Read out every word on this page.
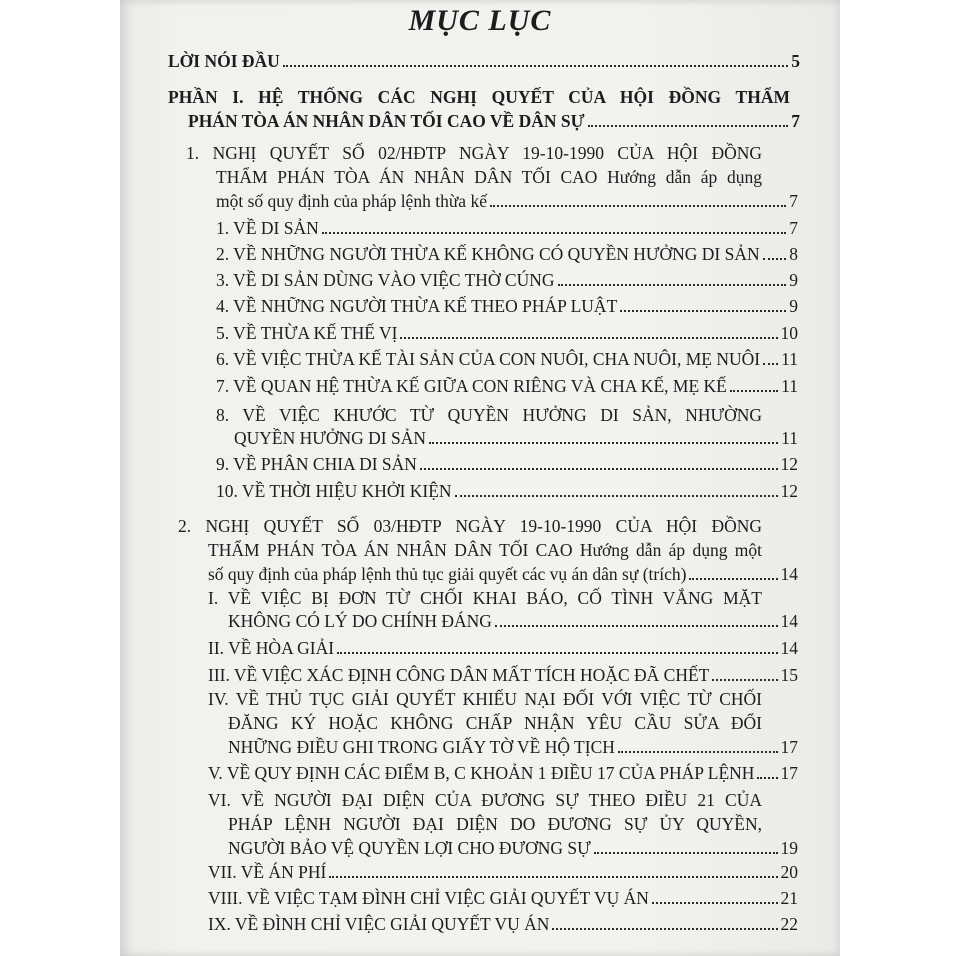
MỤC LỤC
LỜI NÓI ĐẦU	5
PHẦN I. HỆ THỐNG CÁC NGHỊ QUYẾT CỦA HỘI ĐỒNG THẨM
PHÁN TÒA ÁN NHÂN DÂN TỐI CAO VỀ DÂN SỰ	7
1. NGHỊ QUYẾT SỐ 02/HĐTP NGÀY 19-10-1990 CỦA HỘI ĐỒNG
THẨM PHÁN TÒA ÁN NHÂN DÂN TỐI CAO Hướng dẫn áp dụng
một số quy định của pháp lệnh thừa kế	7
1. VỀ DI SẢN	7
2. VỀ NHỮNG NGƯỜI THỪA KẾ KHÔNG CÓ QUYỀN HƯỞNG DI SẢN 8
3. VỀ DI SẢN DÙNG VÀO VIỆC THỜ CÚNG	9
4. VỀ NHỮNG NGƯỜI THỪA KẾ THEO PHÁP LUẬT	9
5. VỀ THỪA KẾ THẾ VỊ	10
6. VỀ VIỆC THỪA KẾ TÀI SẢN CỦA CON NUÔI, CHA NUÔI, MẸ NUÔI 11
7. VỀ QUAN HỆ THỪA KẾ GIỮA CON RIÊNG VÀ CHA KẾ, MẸ KẾ	11
8. VỀ VIỆC KHƯỚC TỪ QUYỀN HƯỞNG DI SẢN, NHƯỜNG
QUYỀN HƯỞNG DI SẢN	11
9. VỀ PHÂN CHIA DI SẢN	12
10. VỀ THỜI HIỆU KHỞI KIỆN	12
2. NGHỊ QUYẾT SỐ 03/HĐTP NGÀY 19-10-1990 CỦA HỘI ĐỒNG
THẨM PHÁN TÒA ÁN NHÂN DÂN TỐI CAO Hướng dẫn áp dụng một
số quy định của pháp lệnh thủ tục giải quyết các vụ án dân sự (trích)	14
I. VỀ VIỆC BỊ ĐƠN TỪ CHỐI KHAI BÁO, CỐ TÌNH VẮNG MẶT
KHÔNG CÓ LÝ DO CHÍNH ĐÁNG	14
II. VỀ HÒA GIẢI	14
III. VỀ VIỆC XÁC ĐỊNH CÔNG DÂN MẤT TÍCH HOẶC ĐÃ CHẾT	15
IV. VỀ THỦ TỤC GIẢI QUYẾT KHIẾU NẠI ĐỐI VỚI VIỆC TỪ CHỐI
ĐĂNG KÝ HOẶC KHÔNG CHẤP NHẬN YÊU CẦU SỬA ĐỔI
NHỮNG ĐIỀU GHI TRONG GIẤY TỜ VỀ HỘ TỊCH	17
V. VỀ QUY ĐỊNH CÁC ĐIỂM B, C KHOẢN 1 ĐIỀU 17 CỦA PHÁP LỆNH 17
VI. VỀ NGƯỜI ĐẠI DIỆN CỦA ĐƯƠNG SỰ THEO ĐIỀU 21 CỦA
PHÁP LỆNH NGƯỜI ĐẠI DIỆN DO ĐƯƠNG SỰ ỦY QUYỀN,
NGƯỜI BẢO VỆ QUYỀN LỢI CHO ĐƯƠNG SỰ	19
VII. VỀ ÁN PHÍ	20
VIII. VỀ VIỆC TẠM ĐÌNH CHỈ VIỆC GIẢI QUYẾT VỤ ÁN	21
IX. VỀ ĐÌNH CHỈ VIỆC GIẢI QUYẾT VỤ ÁN	22
